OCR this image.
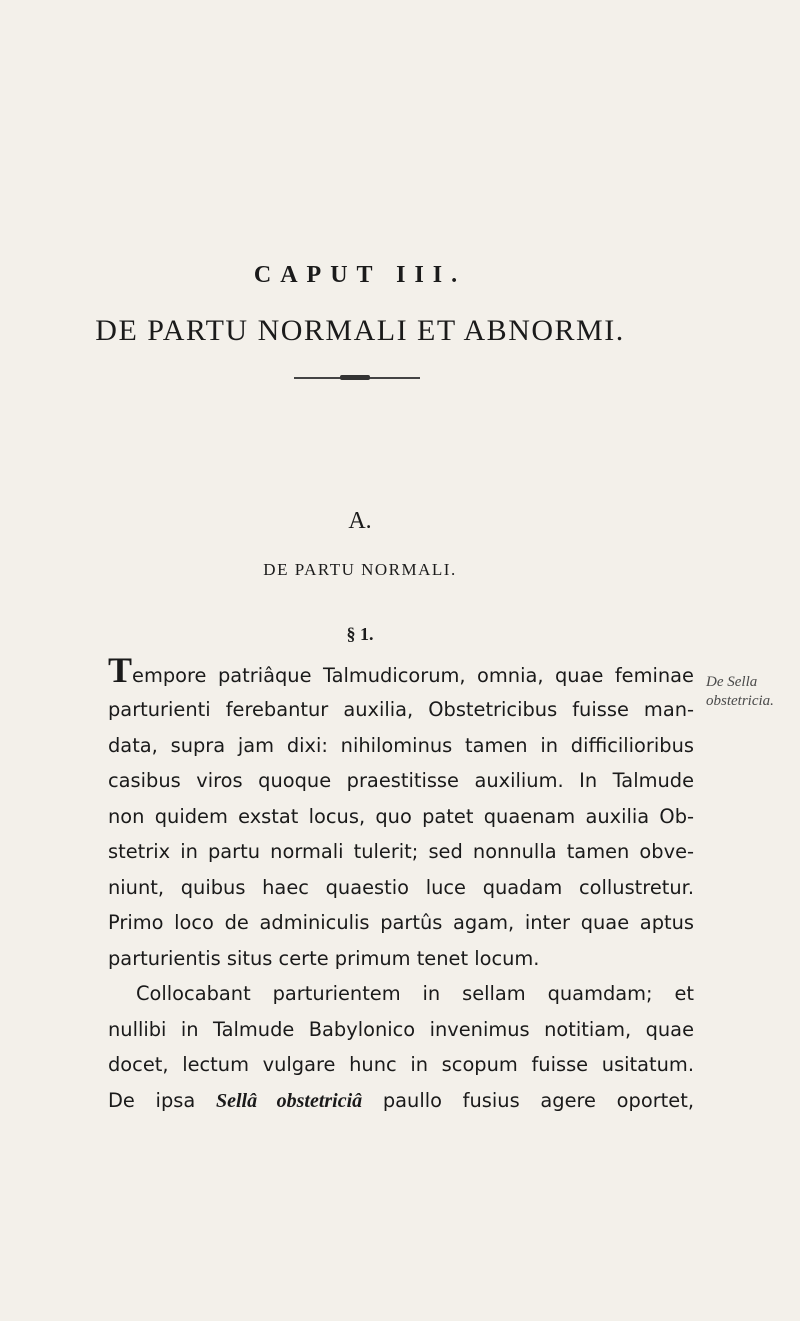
CAPUT III.
DE PARTU NORMALI ET ABNORMI.
A.
DE PARTU NORMALI.
§ 1.
De Sella
obstetricia.
Tempore patriâque Talmudicorum, omnia, quae feminae
parturienti ferebantur auxilia, Obstetricibus fuisse man-
data, supra jam dixi: nihilominus tamen in difficilioribus
casibus viros quoque praestitisse auxilium. In Talmude
non quidem exstat locus, quo patet quaenam auxilia Ob-
stetrix in partu normali tulerit; sed nonnulla tamen obve-
niunt, quibus haec quaestio luce quadam collustretur.
Primo loco de adminiculis partûs agam, inter quae aptus
parturientis situs certe primum tenet locum.
Collocabant parturientem in sellam quamdam; et
nullibi in Talmude Babylonico invenimus notitiam, quae
docet, lectum vulgare hunc in scopum fuisse usitatum.
De ipsa Sellâ obstetriciâ paullo fusius agere oportet,
